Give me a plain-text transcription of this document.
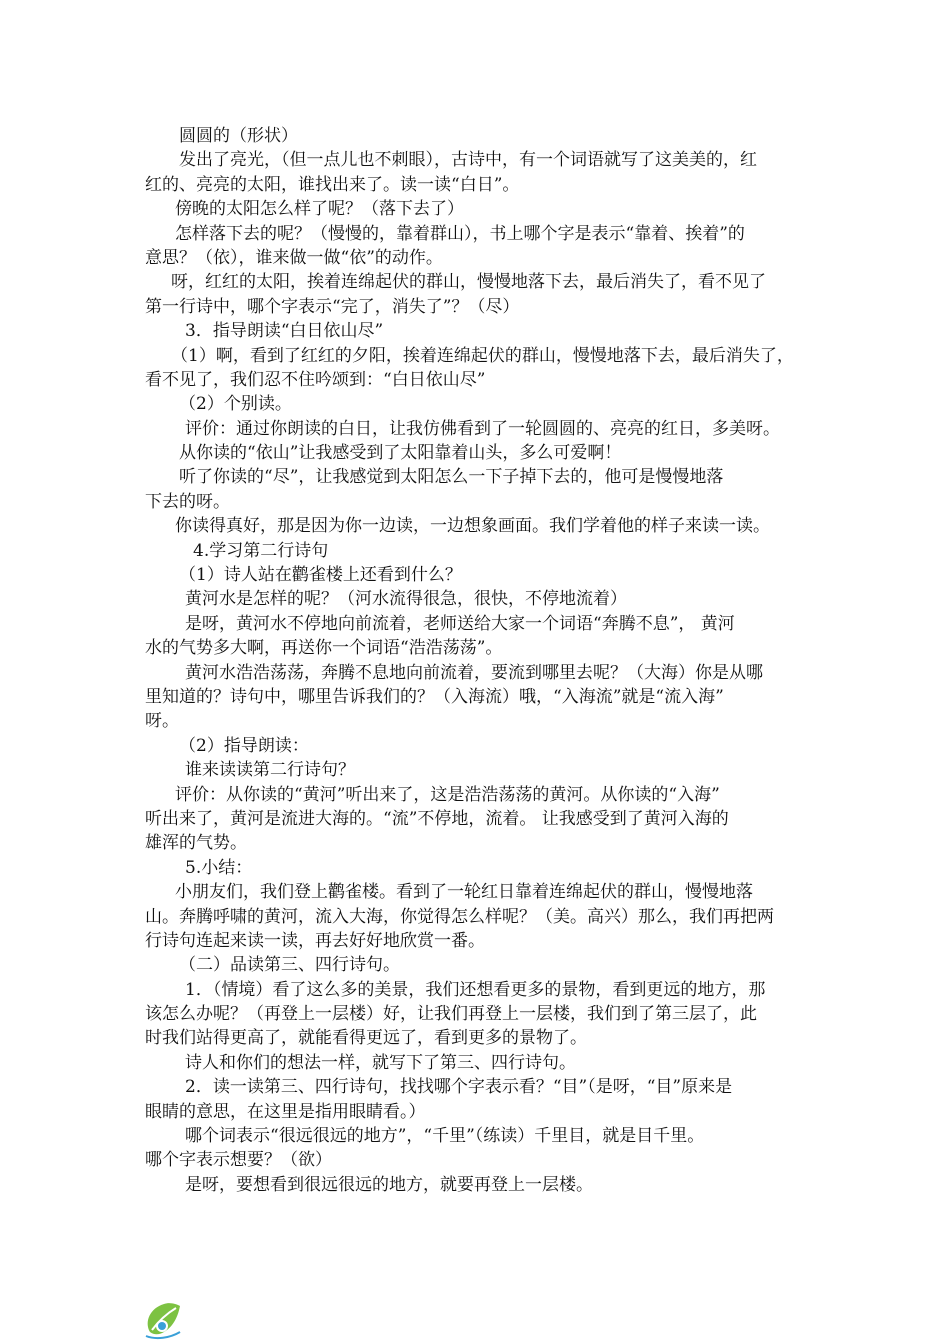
圆圆的（形状）
发出了亮光，（但一点儿也不刺眼），古诗中，有一个词语就写了这美美的，红
红的、亮亮的太阳，谁找出来了。读一读“白日”。
傍晚的太阳怎么样了呢？（落下去了）
怎样落下去的呢？（慢慢的，靠着群山），书上哪个字是表示“靠着、挨着”的
意思？（依），谁来做一做“依”的动作。
呀，红红的太阳，挨着连绵起伏的群山，慢慢地落下去，最后消失了，看不见了
第一行诗中，哪个字表示“完了，消失了”？（尽）
3．指导朗读“白日依山尽”
（1）啊，看到了红红的夕阳，挨着连绵起伏的群山，慢慢地落下去，最后消失了，
看不见了，我们忍不住吟颂到：“白日依山尽”
（2）个别读。
评价：通过你朗读的白日，让我仿佛看到了一轮圆圆的、亮亮的红日，多美呀。
从你读的“依山”让我感受到了太阳靠着山头，多么可爱啊！
听了你读的“尽”，让我感觉到太阳怎么一下子掉下去的，他可是慢慢地落
下去的呀。
你读得真好，那是因为你一边读，一边想象画面。我们学着他的样子来读一读。
4.学习第二行诗句
（1）诗人站在鹳雀楼上还看到什么？
黄河水是怎样的呢？（河水流得很急，很快，不停地流着）
是呀，黄河水不停地向前流着，老师送给大家一个词语“奔腾不息”， 黄河
水的气势多大啊，再送你一个词语“浩浩荡荡”。
黄河水浩浩荡荡，奔腾不息地向前流着，要流到哪里去呢？（大海）你是从哪
里知道的？诗句中，哪里告诉我们的？（入海流）哦，“入海流”就是“流入海”
呀。
（2）指导朗读：
谁来读读第二行诗句？
评价：从你读的“黄河”听出来了，这是浩浩荡荡的黄河。从你读的“入海”
听出来了，黄河是流进大海的。“流”不停地，流着。 让我感受到了黄河入海的
雄浑的气势。
5.小结：
小朋友们，我们登上鹳雀楼。看到了一轮红日靠着连绵起伏的群山，慢慢地落
山。奔腾呼啸的黄河，流入大海，你觉得怎么样呢？（美。高兴）那么，我们再把两
行诗句连起来读一读，再去好好地欣赏一番。
（二）品读第三、四行诗句。
1．（情境）看了这么多的美景，我们还想看更多的景物，看到更远的地方，那
该怎么办呢？（再登上一层楼）好，让我们再登上一层楼，我们到了第三层了，此
时我们站得更高了，就能看得更远了，看到更多的景物了。
诗人和你们的想法一样，就写下了第三、四行诗句。
2．读一读第三、四行诗句，找找哪个字表示看？“目”（是呀，“目”原来是
眼睛的意思，在这里是指用眼睛看。）
哪个词表示“很远很远的地方”，“千里”（练读）千里目，就是目千里。
哪个字表示想要？（欲）
是呀，要想看到很远很远的地方，就要再登上一层楼。
